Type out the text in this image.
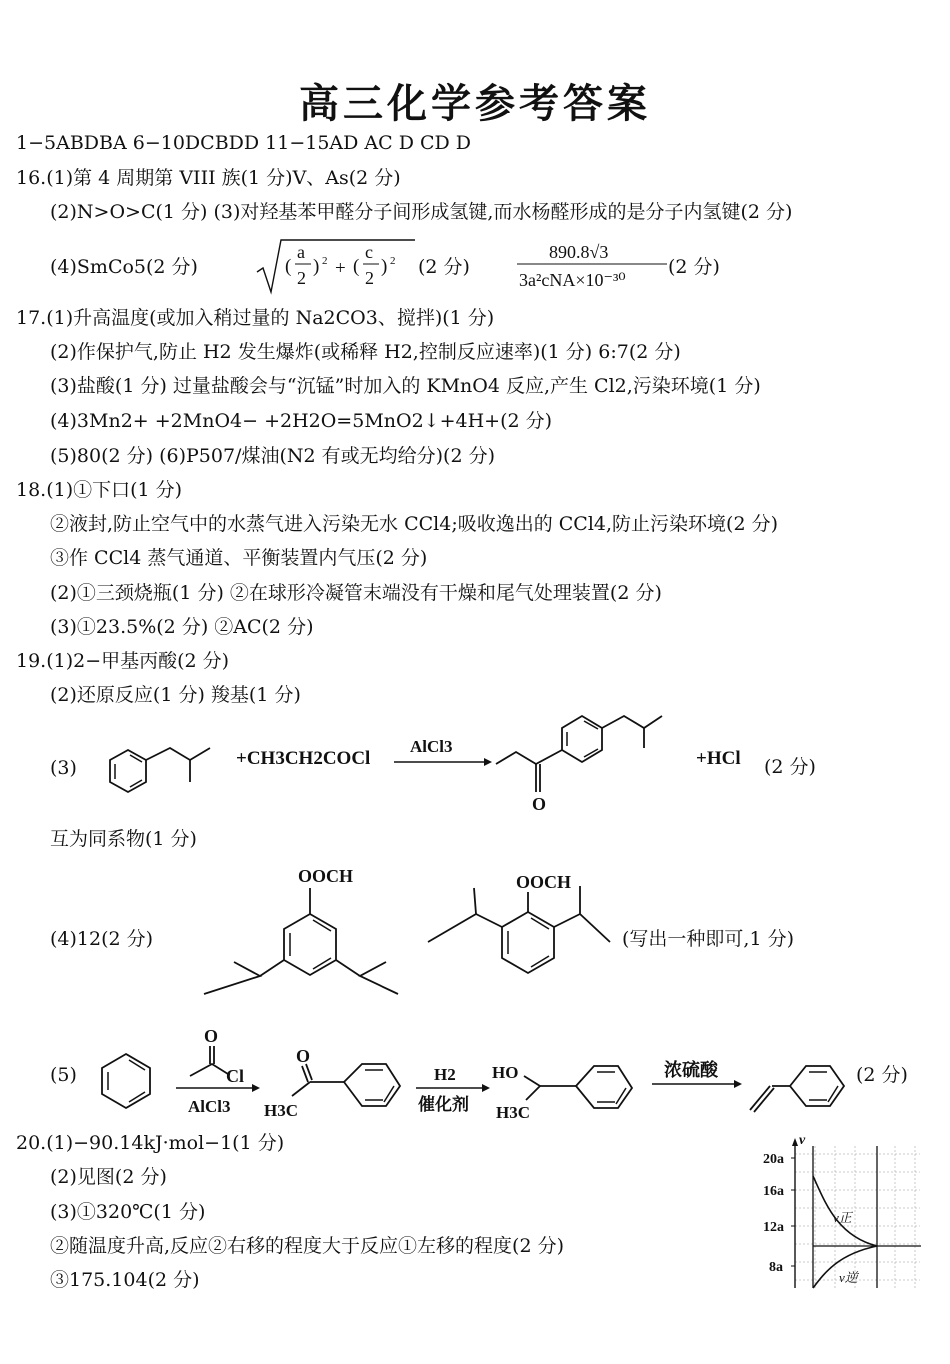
高三化学参考答案
1−5ABDBA 6−10DCBDD 11−15AD AC D CD D
16.(1)第 4 周期第 VIII 族(1 分)V、As(2 分)
(2)N>O>C(1 分) (3)对羟基苯甲醛分子间形成氢键,而水杨醛形成的是分子内氢键(2 分)
(4)SmCo5(2 分)	(
a
2
) 2 + (
c
2
) 2 (2 分)
890.8√3
3a²cNA×10⁻³⁰
(2 分)
17.(1)升高温度(或加入稍过量的 Na2CO3、搅拌)(1 分)
(2)作保护气,防止 H2 发生爆炸(或稀释 H2,控制反应速率)(1 分) 6:7(2 分)
(3)盐酸(1 分) 过量盐酸会与“沉锰”时加入的 KMnO4 反应,产生 Cl2,污染环境(1 分)
(4)3Mn2+ +2MnO4− +2H2O=5MnO2↓+4H+(2 分)
(5)80(2 分) (6)P507/煤油(N2 有或无均给分)(2 分)
18.(1)①下口(1 分)
②液封,防止空气中的水蒸气进入污染无水 CCl4;吸收逸出的 CCl4,防止污染环境(2 分)
③作 CCl4 蒸气通道、平衡装置内气压(2 分)
(2)①三颈烧瓶(1 分) ②在球形冷凝管末端没有干燥和尾气处理装置(2 分)
(3)①23.5%(2 分) ②AC(2 分)
19.(1)2−甲基丙酸(2 分)
(2)还原反应(1 分) 羧基(1 分)
(3)	+CH3CH2COCl
AlCl3
O
+HCl (2 分)
互为同系物(1 分)
(4)12(2 分)
OOCH	OOCH
(写出一种即可,1 分)
(5)
O
Cl
AlCl3
O
H3C
H2
催化剂
HO
H3C
浓硫酸	(2 分)
20.(1)−90.14kJ·mol−1(1 分)
(2)见图(2 分)
(3)①320℃(1 分)
②随温度升高,反应②右移的程度大于反应①左移的程度(2 分)
③175.104(2 分)
v
20a
16a
12a
8a
v正
v逆
